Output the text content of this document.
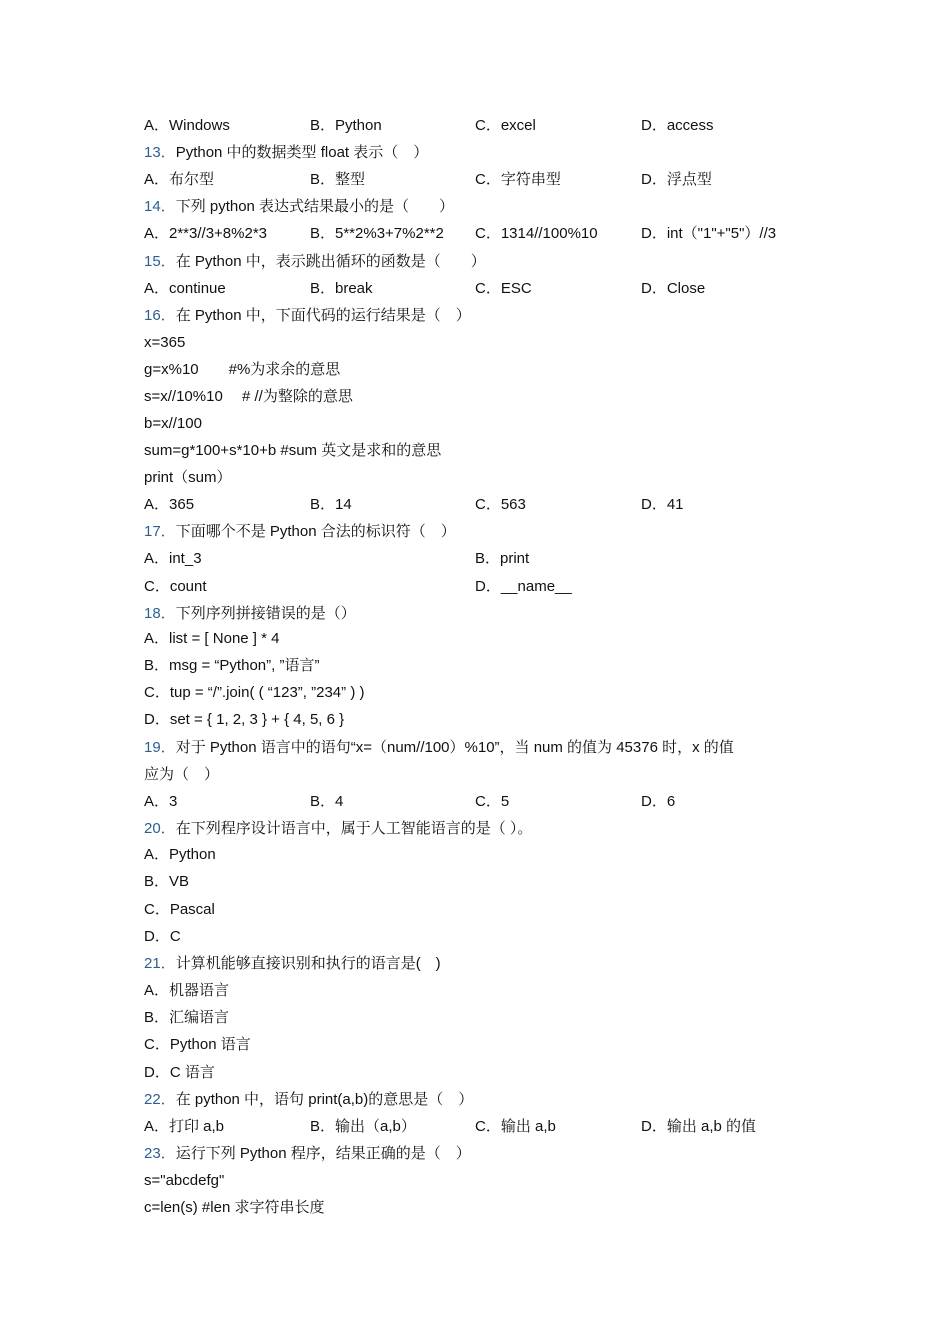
A．Windows	B．Python	C．excel	D．access
13．Python 中的数据类型 float 表示（　）
A．布尔型	B．整型	C．字符串型	D．浮点型
14．下列 python 表达式结果最小的是（　　）
A．2**3//3+8%2*3	B．5**2%3+7%2**2 C．1314//100%10	D．int（"1"+"5"）//3
15．在 Python 中，表示跳出循环的函数是（　　）
A．continue	B．break	C．ESC	D．Close
16．在 Python 中，下面代码的运行结果是（　）
x=365
g=x%10　　#%为求余的意思
s=x//10%10　 # //为整除的意思
b=x//100
sum=g*100+s*10+b #sum 英文是求和的意思
print（sum）
A．365	B．14	C．563	D．41
17．下面哪个不是 Python 合法的标识符（　）
A．int_3	B．print
C．count	D．__name__
18．下列序列拼接错误的是（）
A．list = [ None ] * 4
B．msg = “Python”, ”语言”
C．tup = “/”.join( ( “123”, ”234” ) )
D．set = { 1, 2, 3 } + { 4, 5, 6 }
19．对于 Python 语言中的语句“x=（num//100）%10”，当 num 的值为 45376 时，x 的值
应为（　）
A．3	B．4	C．5	D．6
20．在下列程序设计语言中，属于人工智能语言的是（ ）。
A．Python
B．VB
C．Pascal
D．C
21．计算机能够直接识别和执行的语言是(　)
A．机器语言
B．汇编语言
C．Python 语言
D．C 语言
22．在 python 中，语句 print(a,b)的意思是（　）
A．打印 a,b	B．输出（a,b）	C．输出 a,b	D．输出 a,b 的值
23．运行下列 Python 程序，结果正确的是（　）
s="abcdefg"
c=len(s) #len 求字符串长度
